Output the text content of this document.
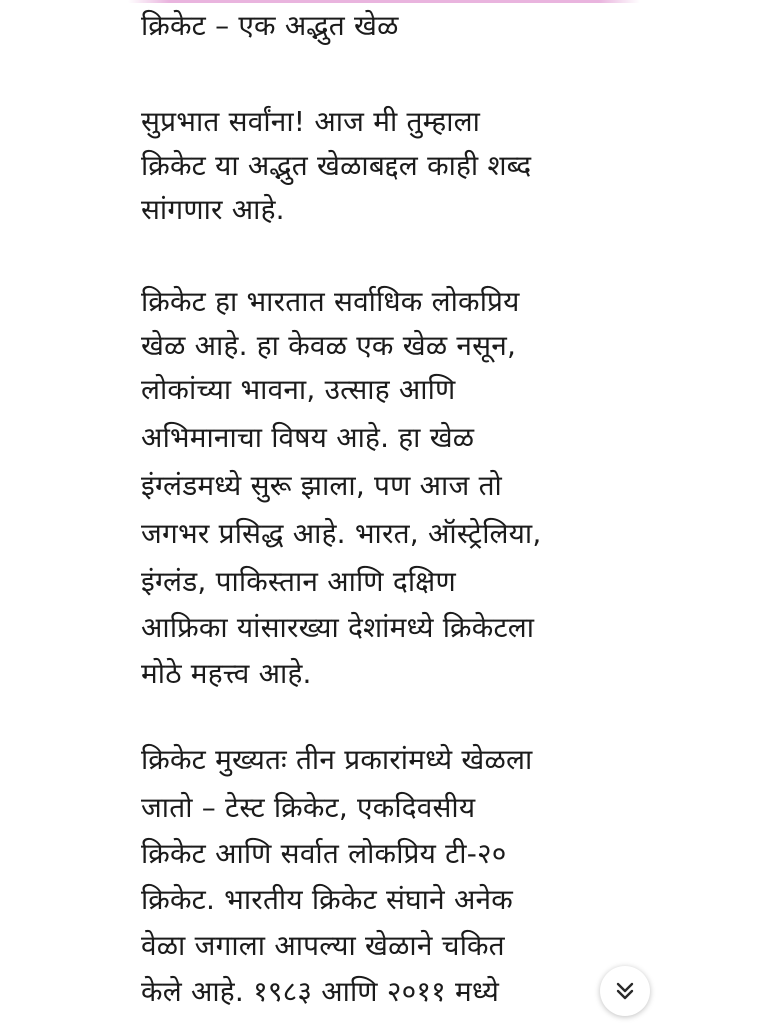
क्रिकेट – एक अद्भुत खेळ
सुप्रभात सर्वांना! आज मी तुम्हाला
क्रिकेट या अद्भुत खेळाबद्दल काही शब्द
सांगणार आहे.
क्रिकेट हा भारतात सर्वाधिक लोकप्रिय
खेळ आहे. हा केवळ एक खेळ नसून,
लोकांच्या भावना, उत्साह आणि
अभिमानाचा विषय आहे. हा खेळ
इंग्लंडमध्ये सुरू झाला, पण आज तो
जगभर प्रसिद्ध आहे. भारत, ऑस्ट्रेलिया,
इंग्लंड, पाकिस्तान आणि दक्षिण
आफ्रिका यांसारख्या देशांमध्ये क्रिकेटला
मोठे महत्त्व आहे.
क्रिकेट मुख्यतः तीन प्रकारांमध्ये खेळला
जातो – टेस्ट क्रिकेट, एकदिवसीय
क्रिकेट आणि सर्वात लोकप्रिय टी-२०
क्रिकेट. भारतीय क्रिकेट संघाने अनेक
वेळा जगाला आपल्या खेळाने चकित
केले आहे. १९८३ आणि २०११ मध्ये
